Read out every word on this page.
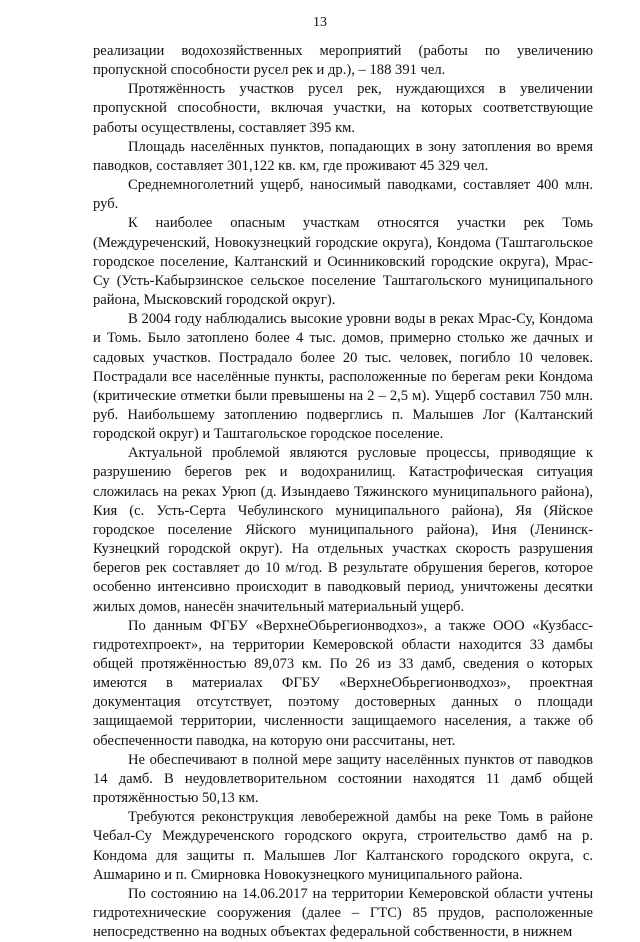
13

реализации водохозяйственных мероприятий (работы по увеличению пропускной способности русел рек и др.), – 188 391 чел.

Протяжённость участков русел рек, нуждающихся в увеличении пропускной способности, включая участки, на которых соответствующие работы осуществлены, составляет 395 км.

Площадь населённых пунктов, попадающих в зону затопления во время паводков, составляет 301,122 кв. км, где проживают 45 329 чел.

Среднемноголетний ущерб, наносимый паводками, составляет 400 млн. руб.

К наиболее опасным участкам относятся участки рек Томь (Междуреченский, Новокузнецкий городские округа), Кондома (Таштагольское городское поселение, Калтанский и Осинниковский городские округа), Мрас-Су (Усть-Кабырзинское сельское поселение Таштагольского муниципального района, Мысковский городской округ).

В 2004 году наблюдались высокие уровни воды в реках Мрас-Су, Кондома и Томь. Было затоплено более 4 тыс. домов, примерно столько же дачных и садовых участков. Пострадало более 20 тыс. человек, погибло 10 человек. Пострадали все населённые пункты, расположенные по берегам реки Кондома (критические отметки были превышены на 2 – 2,5 м). Ущерб составил 750 млн. руб. Наибольшему затоплению подверглись п. Малышев Лог (Калтанский городской округ) и Таштагольское городское поселение.

Актуальной проблемой являются русловые процессы, приводящие к разрушению берегов рек и водохранилищ. Катастрофическая ситуация сложилась на реках Урюп (д. Изындаево Тяжинского муниципального района), Кия (с. Усть-Серта Чебулинского муниципального района), Яя (Яйское городское поселение Яйского муниципального района), Иня (Ленинск-Кузнецкий городской округ). На отдельных участках скорость разрушения берегов рек составляет до 10 м/год. В результате обрушения берегов, которое особенно интенсивно происходит в паводковый период, уничтожены десятки жилых домов, нанесён значительный материальный ущерб.

По данным ФГБУ «ВерхнеОбьрегионводхоз», а также ООО «Кузбасс-гидротехпроект», на территории Кемеровской области находится 33 дамбы общей протяжённостью 89,073 км. По 26 из 33 дамб, сведения о которых имеются в материалах ФГБУ «ВерхнеОбьрегионводхоз», проектная документация отсутствует, поэтому достоверных данных о площади защищаемой территории, численности защищаемого населения, а также об обеспеченности паводка, на которую они рассчитаны, нет.

Не обеспечивают в полной мере защиту населённых пунктов от паводков 14 дамб. В неудовлетворительном состоянии находятся 11 дамб общей протяжённостью 50,13 км.

Требуются реконструкция левобережной дамбы на реке Томь в районе Чебал-Су Междуреченского городского округа, строительство дамб на р. Кондома для защиты п. Малышев Лог Калтанского городского округа, с. Ашмарино и п. Смирновка Новокузнецкого муниципального района.

По состоянию на 14.06.2017 на территории Кемеровской области учтены гидротехнические сооружения (далее – ГТС) 85 прудов, расположенные непосредственно на водных объектах федеральной собственности, в нижнем
